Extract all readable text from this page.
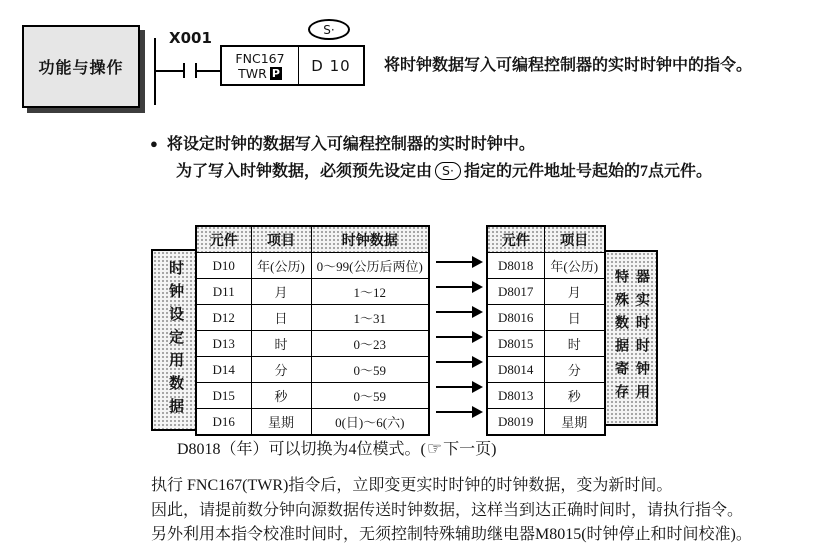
功能与操作
X001
FNC167
TWR P	D 10
S·
将时钟数据写入可编程控制器的实时时钟中的指令。
● 将设定时钟的数据写入可编程控制器的实时时钟中。
为了写入时钟数据，必须预先设定由 S· 指定的元件地址号起始的7点元件。
时钟设定用数据
元件	项目	时钟数据
D10	年(公历)	0～99(公历后两位)
D11	月	1～12
D12	日	1～31
D13	时	0～23
D14	分	0～59
D15	秒	0～59
D16	星期	0(日)～6(六)
元件	项目
D8018	年(公历)
D8017	月
D8016	日
D8015	时
D8014	分
D8013	秒
D8019	星期
特殊数据寄存 器实时时钟用
D8018（年）可以切换为4位模式。(☞下一页)
执行 FNC167(TWR)指令后，立即变更实时时钟的时钟数据，变为新时间。
因此，请提前数分钟向源数据传送时钟数据，这样当到达正确时间时，请执行指令。
另外利用本指令校准时间时，无须控制特殊辅助继电器M8015(时钟停止和时间校准)。
